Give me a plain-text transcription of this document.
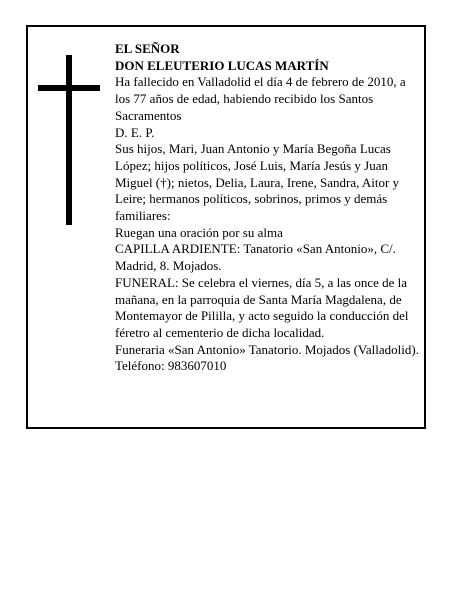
EL SEÑOR

DON ELEUTERIO LUCAS MARTÍN

Ha fallecido en Valladolid el día 4 de febrero de 2010, a los 77 años de edad, habiendo recibido los Santos Sacramentos

D. E. P.

Sus hijos, Mari, Juan Antonio y María Begoña Lucas López; hijos políticos, José Luis, María Jesús y Juan Miguel (†); nietos, Delia, Laura, Irene, Sandra, Aitor y Leire; hermanos políticos, sobrinos, primos y demás familiares:

Ruegan una oración por su alma

CAPILLA ARDIENTE: Tanatorio «San Antonio», C/. Madrid, 8. Mojados.

FUNERAL: Se celebra el viernes, día 5, a las once de la mañana, en la parroquia de Santa María Magdalena, de Montemayor de Pililla, y acto seguido la conducción del féretro al cementerio de dicha localidad.

Funeraria «San Antonio» Tanatorio. Mojados (Valladolid). Teléfono: 983607010
